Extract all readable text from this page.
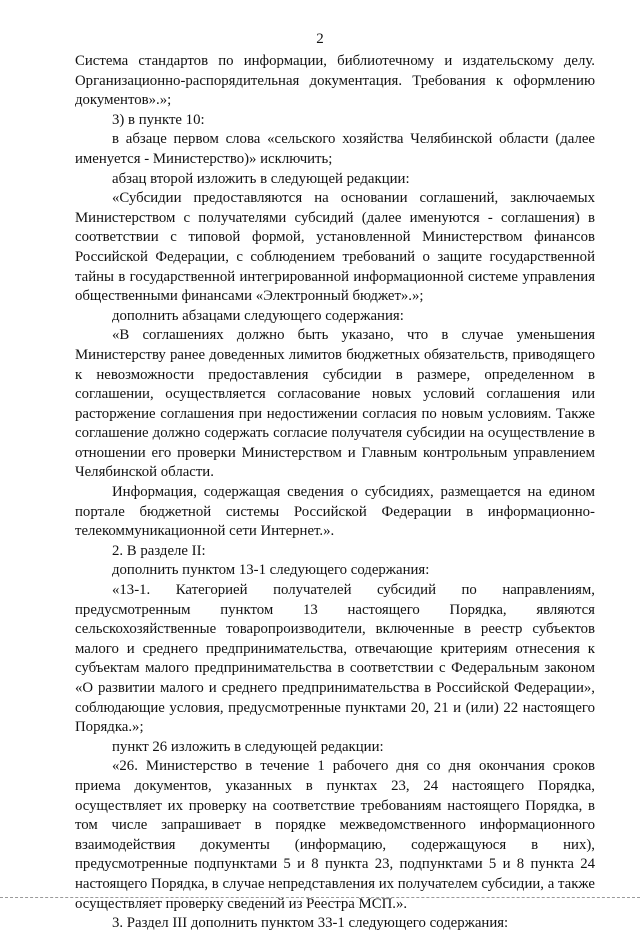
2

Система стандартов по информации, библиотечному и издательскому делу. Организационно-распорядительная документация. Требования к оформлению документов».»;

3) в пункте 10:

в абзаце первом слова «сельского хозяйства Челябинской области (далее именуется - Министерство)» исключить;

абзац второй изложить в следующей редакции:

«Субсидии предоставляются на основании соглашений, заключаемых Министерством с получателями субсидий (далее именуются - соглашения) в соответствии с типовой формой, установленной Министерством финансов Российской Федерации, с соблюдением требований о защите государственной тайны в государственной интегрированной информационной системе управления общественными финансами «Электронный бюджет».»;

дополнить абзацами следующего содержания:

«В соглашениях должно быть указано, что в случае уменьшения Министерству ранее доведенных лимитов бюджетных обязательств, приводящего к невозможности предоставления субсидии в размере, определенном в соглашении, осуществляется согласование новых условий соглашения или расторжение соглашения при недостижении согласия по новым условиям. Также соглашение должно содержать согласие получателя субсидии на осуществление в отношении его проверки Министерством и Главным контрольным управлением Челябинской области.

Информация, содержащая сведения о субсидиях, размещается на едином портале бюджетной системы Российской Федерации в информационно-телекоммуникационной сети Интернет.».

2. В разделе II:

дополнить пунктом 13-1 следующего содержания:

«13-1. Категорией получателей субсидий по направлениям, предусмотренным пунктом 13 настоящего Порядка, являются сельскохозяйственные товаропроизводители, включенные в реестр субъектов малого и среднего предпринимательства, отвечающие критериям отнесения к субъектам малого предпринимательства в соответствии с Федеральным законом «О развитии малого и среднего предпринимательства в Российской Федерации», соблюдающие условия, предусмотренные пунктами 20, 21 и (или) 22 настоящего Порядка.»;

пункт 26 изложить в следующей редакции:

«26. Министерство в течение 1 рабочего дня со дня окончания сроков приема документов, указанных в пунктах 23, 24 настоящего Порядка, осуществляет их проверку на соответствие требованиям настоящего Порядка, в том числе запрашивает в порядке межведомственного информационного взаимодействия документы (информацию, содержащуюся в них), предусмотренные подпунктами 5 и 8 пункта 23, подпунктами 5 и 8 пункта 24 настоящего Порядка, в случае непредставления их получателем субсидии, а также осуществляет проверку сведений из Реестра МСП.».

3. Раздел III дополнить пунктом 33-1 следующего содержания:
